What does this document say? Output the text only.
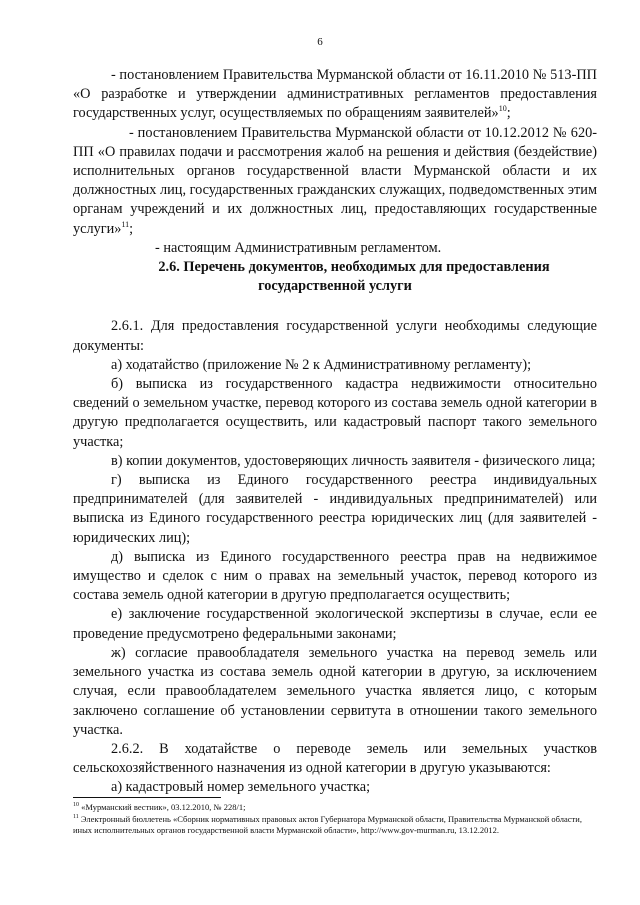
6

- постановлением Правительства Мурманской области от 16.11.2010 № 513-ПП «О разработке и утверждении административных регламентов предоставления государственных услуг, осуществляемых по обращениям заявителей»$^{10}$;

- постановлением Правительства Мурманской области от 10.12.2012 № 620-ПП «О правилах подачи и рассмотрения жалоб на решения и действия (бездействие) исполнительных органов государственной власти Мурманской области и их должностных лиц, государственных гражданских служащих, подведомственных этим органам учреждений и их должностных лиц, предоставляющих государственные услуги»$^{11}$;

- настоящим Административным регламентом.

2.6. Перечень документов, необходимых для предоставления государственной услуги

2.6.1. Для предоставления государственной услуги необходимы следующие документы:

а) ходатайство (приложение № 2 к Административному регламенту);

б) выписка из государственного кадастра недвижимости относительно сведений о земельном участке, перевод которого из состава земель одной категории в другую предполагается осуществить, или кадастровый паспорт такого земельного участка;

в) копии документов, удостоверяющих личность заявителя - физического лица;

г) выписка из Единого государственного реестра индивидуальных предпринимателей (для заявителей - индивидуальных предпринимателей) или выписка из Единого государственного реестра юридических лиц (для заявителей - юридических лиц);

д) выписка из Единого государственного реестра прав на недвижимое имущество и сделок с ним о правах на земельный участок, перевод которого из состава земель одной категории в другую предполагается осуществить;

е) заключение государственной экологической экспертизы в случае, если ее проведение предусмотрено федеральными законами;

ж) согласие правообладателя земельного участка на перевод земель или земельного участка из состава земель одной категории в другую, за исключением случая, если правообладателем земельного участка является лицо, с которым заключено соглашение об установлении сервитута в отношении такого земельного участка.

2.6.2. В ходатайстве о переводе земель или земельных участков сельскохозяйственного назначения из одной категории в другую указываются:

а) кадастровый номер земельного участка;

$^{10}$ «Мурманский вестник», 03.12.2010, № 228/1;

$^{11}$ Электронный бюллетень «Сборник нормативных правовых актов Губернатора Мурманской области, Правительства Мурманской области, иных исполнительных органов государственной власти Мурманской области», http://www.gov-murman.ru, 13.12.2012.
